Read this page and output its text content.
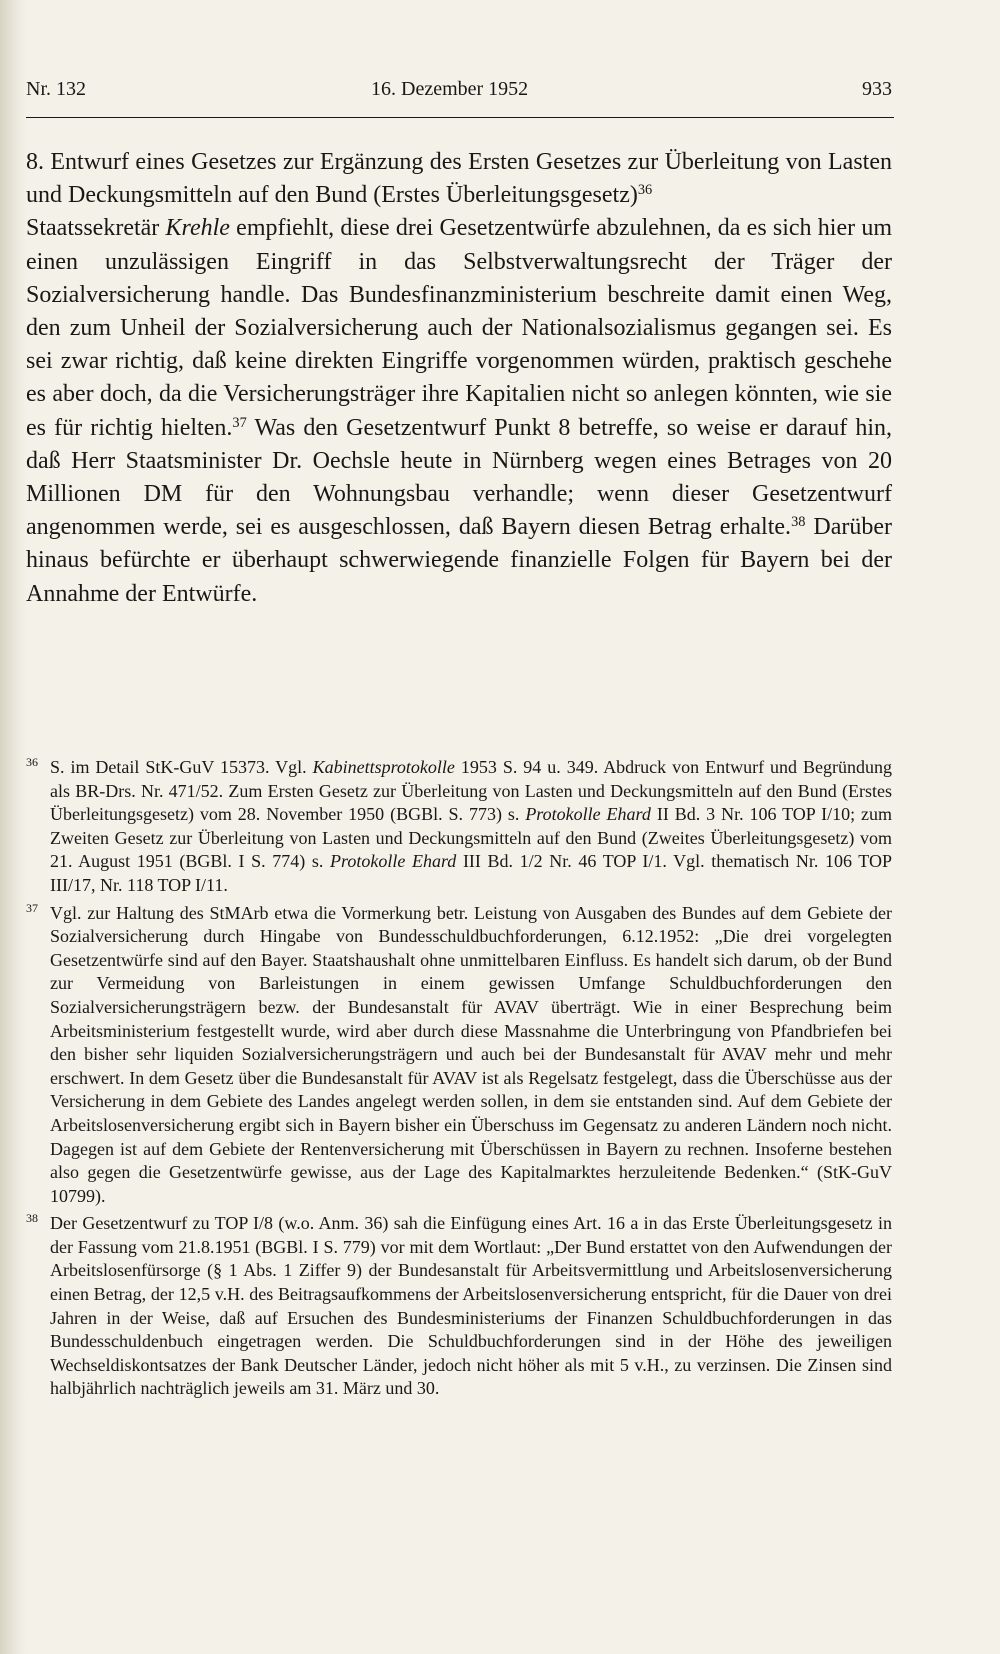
Nr. 132	16. Dezember 1952	933

8. Entwurf eines Gesetzes zur Ergänzung des Ersten Gesetzes zur Überleitung von Lasten und Deckungsmitteln auf den Bund (Erstes Überleitungsgesetz)$^{36}$

Staatssekretär Krehle empfiehlt, diese drei Gesetzentwürfe abzulehnen, da es sich hier um einen unzulässigen Eingriff in das Selbstverwaltungsrecht der Träger der Sozialversicherung handle. Das Bundesfinanzministerium beschreite damit einen Weg, den zum Unheil der Sozialversicherung auch der Nationalsozialismus gegangen sei. Es sei zwar richtig, daß keine direkten Eingriffe vorgenommen würden, praktisch geschehe es aber doch, da die Versicherungsträger ihre Kapitalien nicht so anlegen könnten, wie sie es für richtig hielten.$^{37}$ Was den Gesetzentwurf Punkt 8 betreffe, so weise er darauf hin, daß Herr Staatsminister Dr. Oechsle heute in Nürnberg wegen eines Betrages von 20 Millionen DM für den Wohnungsbau verhandle; wenn dieser Gesetzentwurf angenommen werde, sei es ausgeschlossen, daß Bayern diesen Betrag erhalte.$^{38}$ Darüber hinaus befürchte er überhaupt schwerwiegende finanzielle Folgen für Bayern bei der Annahme der Entwürfe.

36 S. im Detail StK-GuV 15373. Vgl. Kabinettsprotokolle 1953 S. 94 u. 349. Abdruck von Entwurf und Begründung als BR-Drs. Nr. 471/52. Zum Ersten Gesetz zur Überleitung von Lasten und Deckungsmitteln auf den Bund (Erstes Überleitungsgesetz) vom 28. November 1950 (BGBl. S. 773) s. Protokolle Ehard II Bd. 3 Nr. 106 TOP I/10; zum Zweiten Gesetz zur Überleitung von Lasten und Deckungsmitteln auf den Bund (Zweites Überleitungsgesetz) vom 21. August 1951 (BGBl. I S. 774) s. Protokolle Ehard III Bd. 1/2 Nr. 46 TOP I/1. Vgl. thematisch Nr. 106 TOP III/17, Nr. 118 TOP I/11.
37 Vgl. zur Haltung des StMArb etwa die Vormerkung betr. Leistung von Ausgaben des Bundes auf dem Gebiete der Sozialversicherung durch Hingabe von Bundesschuldbuchforderungen, 6.12.1952: „Die drei vorgelegten Gesetzentwürfe sind auf den Bayer. Staatshaushalt ohne unmittelbaren Einfluss. Es handelt sich darum, ob der Bund zur Vermeidung von Barleistungen in einem gewissen Umfange Schuldbuchforderungen den Sozialversicherungsträgern bezw. der Bundesanstalt für AVAV überträgt. Wie in einer Besprechung beim Arbeitsministerium festgestellt wurde, wird aber durch diese Massnahme die Unterbringung von Pfandbriefen bei den bisher sehr liquiden Sozialversicherungsträgern und auch bei der Bundesanstalt für AVAV mehr und mehr erschwert. In dem Gesetz über die Bundesanstalt für AVAV ist als Regelsatz festgelegt, dass die Überschüsse aus der Versicherung in dem Gebiete des Landes angelegt werden sollen, in dem sie entstanden sind. Auf dem Gebiete der Arbeitslosenversicherung ergibt sich in Bayern bisher ein Überschuss im Gegensatz zu anderen Ländern noch nicht. Dagegen ist auf dem Gebiete der Rentenversicherung mit Überschüssen in Bayern zu rechnen. Insoferne bestehen also gegen die Gesetzentwürfe gewisse, aus der Lage des Kapitalmarktes herzuleitende Bedenken.“ (StK-GuV 10799).
38 Der Gesetzentwurf zu TOP I/8 (w.o. Anm. 36) sah die Einfügung eines Art. 16 a in das Erste Überleitungsgesetz in der Fassung vom 21.8.1951 (BGBl. I S. 779) vor mit dem Wortlaut: „Der Bund erstattet von den Aufwendungen der Arbeitslosenfürsorge (§ 1 Abs. 1 Ziffer 9) der Bundesanstalt für Arbeitsvermittlung und Arbeitslosenversicherung einen Betrag, der 12,5 v.H. des Beitragsaufkommens der Arbeitslosenversicherung entspricht, für die Dauer von drei Jahren in der Weise, daß auf Ersuchen des Bundesministeriums der Finanzen Schuldbuchforderungen in das Bundesschuldenbuch eingetragen werden. Die Schuldbuchforderungen sind in der Höhe des jeweiligen Wechseldiskontsatzes der Bank Deutscher Länder, jedoch nicht höher als mit 5 v.H., zu verzinsen. Die Zinsen sind halbjährlich nachträglich jeweils am 31. März und 30.
